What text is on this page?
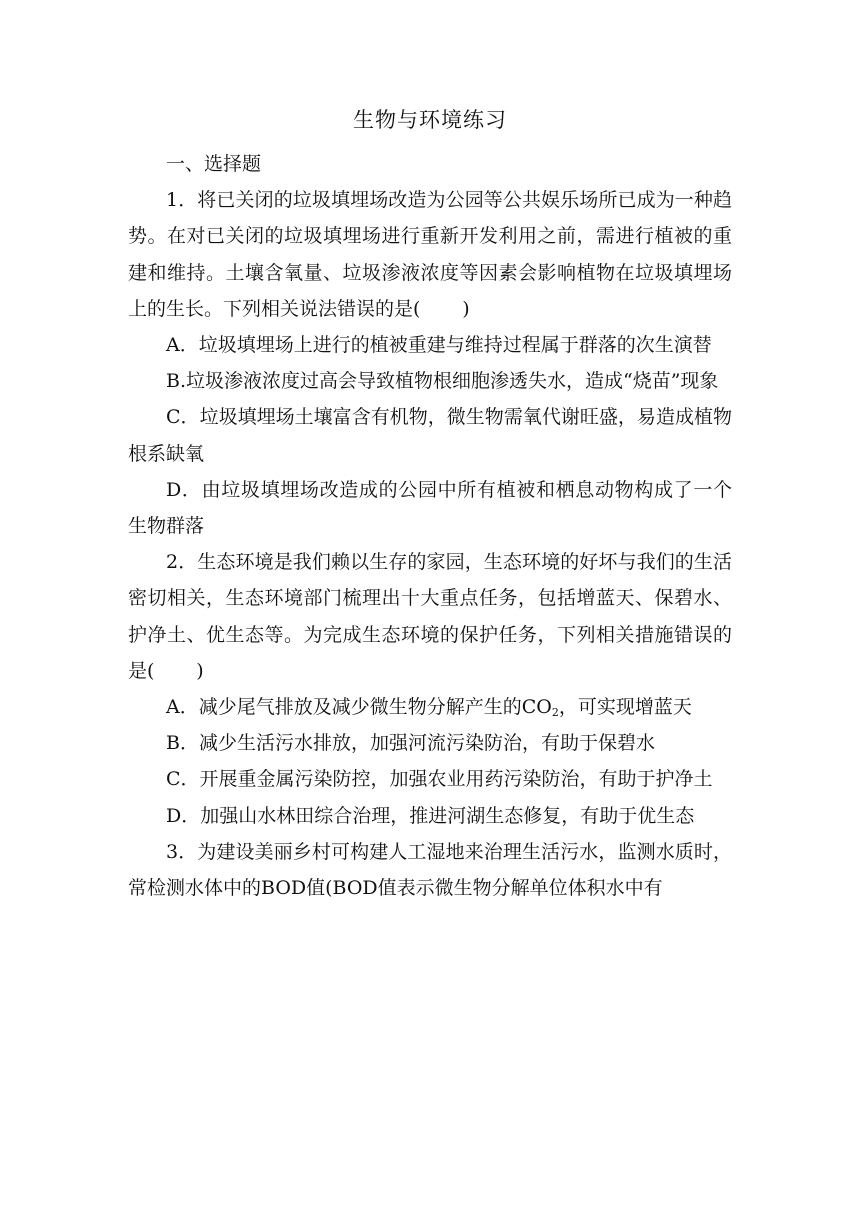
生物与环境练习

一、选择题

1．将已关闭的垃圾填埋场改造为公园等公共娱乐场所已成为一种趋势。在对已关闭的垃圾填埋场进行重新开发利用之前，需进行植被的重建和维持。土壤含氧量、垃圾渗液浓度等因素会影响植物在垃圾填埋场上的生长。下列相关说法错误的是( )

A．垃圾填埋场上进行的植被重建与维持过程属于群落的次生演替

B.垃圾渗液浓度过高会导致植物根细胞渗透失水，造成“烧苗”现象

C．垃圾填埋场土壤富含有机物，微生物需氧代谢旺盛，易造成植物根系缺氧

D．由垃圾填埋场改造成的公园中所有植被和栖息动物构成了一个生物群落

2．生态环境是我们赖以生存的家园，生态环境的好坏与我们的生活密切相关，生态环境部门梳理出十大重点任务，包括增蓝天、保碧水、护净土、优生态等。为完成生态环境的保护任务，下列相关措施错误的是( )

A．减少尾气排放及减少微生物分解产生的$CO_2$，可实现增蓝天

B．减少生活污水排放，加强河流污染防治，有助于保碧水

C．开展重金属污染防控，加强农业用药污染防治，有助于护净土

D．加强山水林田综合治理，推进河湖生态修复，有助于优生态

3．为建设美丽乡村可构建人工湿地来治理生活污水，监测水质时，常检测水体中的BOD值(BOD值表示微生物分解单位体积水中有
